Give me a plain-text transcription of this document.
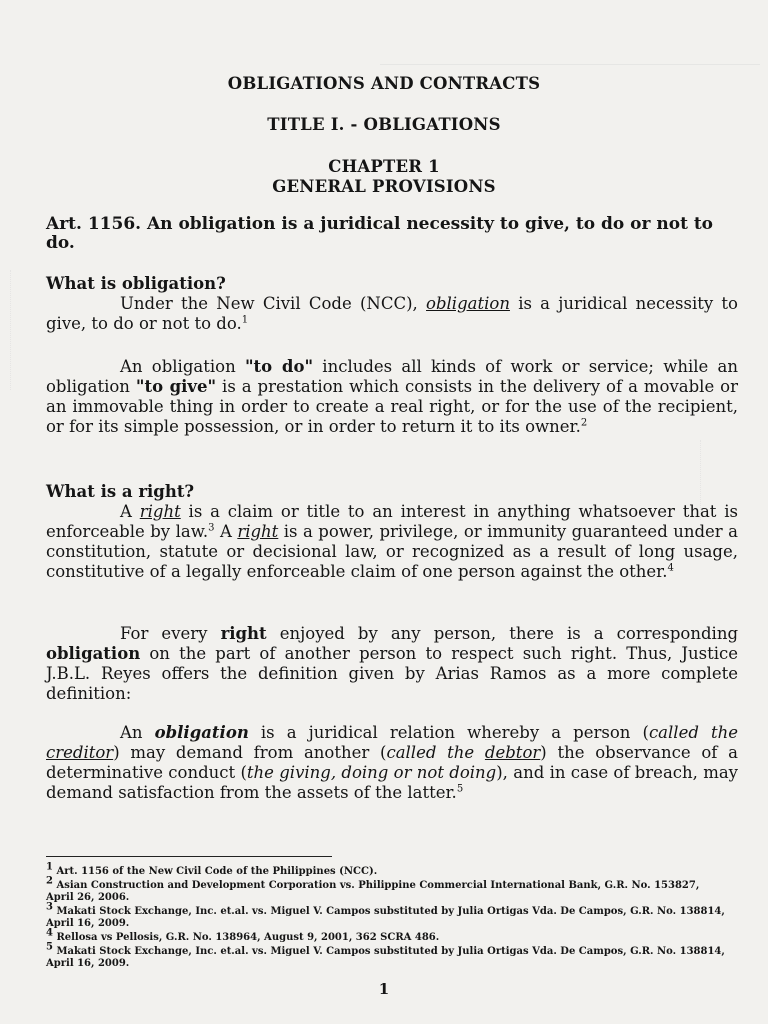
OBLIGATIONS AND CONTRACTS
TITLE I. - OBLIGATIONS
CHAPTER 1
GENERAL PROVISIONS
Art. 1156. An obligation is a juridical necessity to give, to do or not to
do.
What is obligation?
Under the New Civil Code (NCC), obligation is a juridical necessity to give, to do or not to do.$^1$
An obligation "to do" includes all kinds of work or service; while an obligation "to give" is a prestation which consists in the delivery of a movable or an immovable thing in order to create a real right, or for the use of the recipient, or for its simple possession, or in order to return it to its owner.$^2$
What is a right?
A right is a claim or title to an interest in anything whatsoever that is enforceable by law.$^3$ A right is a power, privilege, or immunity guaranteed under a constitution, statute or decisional law, or recognized as a result of long usage, constitutive of a legally enforceable claim of one person against the other.$^4$
For every right enjoyed by any person, there is a corresponding obligation on the part of another person to respect such right. Thus, Justice J.B.L. Reyes offers the definition given by Arias Ramos as a more complete definition:
An obligation is a juridical relation whereby a person (called the creditor) may demand from another (called the debtor) the observance of a determinative conduct (the giving, doing or not doing), and in case of breach, may demand satisfaction from the assets of the latter.$^5$
$^1$ Art. 1156 of the New Civil Code of the Philippines (NCC).
$^2$ Asian Construction and Development Corporation vs. Philippine Commercial International Bank, G.R. No. 153827, April 26, 2006.
$^3$ Makati Stock Exchange, Inc. et.al. vs. Miguel V. Campos substituted by Julia Ortigas Vda. De Campos, G.R. No. 138814, April 16, 2009.
$^4$ Rellosa vs Pellosis, G.R. No. 138964, August 9, 2001, 362 SCRA 486.
$^5$ Makati Stock Exchange, Inc. et.al. vs. Miguel V. Campos substituted by Julia Ortigas Vda. De Campos, G.R. No. 138814, April 16, 2009.
1
